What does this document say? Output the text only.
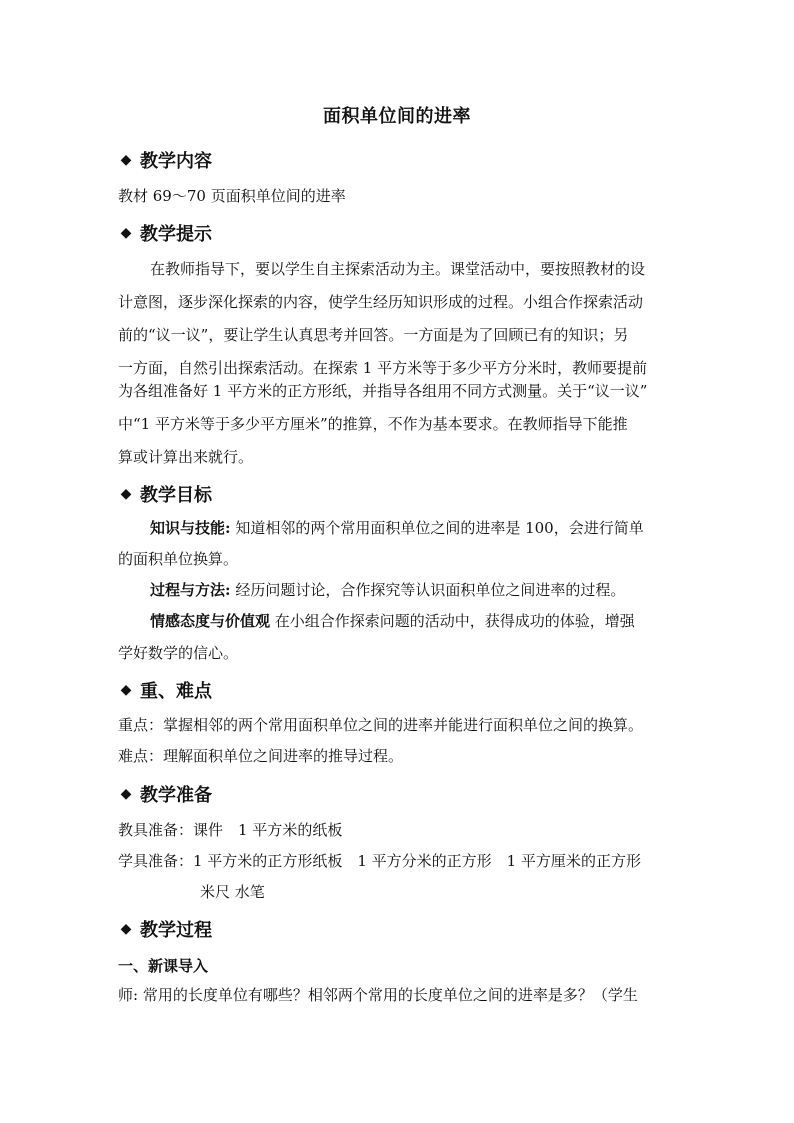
面积单位间的进率
◆ 教学内容
教材 69～70 页面积单位间的进率
◆ 教学提示
在教师指导下，要以学生自主探索活动为主。课堂活动中，要按照教材的设
计意图，逐步深化探索的内容，使学生经历知识形成的过程。小组合作探索活动
前的“议一议”，要让学生认真思考并回答。一方面是为了回顾已有的知识；另
一方面，自然引出探索活动。在探索 1 平方米等于多少平方分米时，教师要提前
为各组准备好 1 平方米的正方形纸，并指导各组用不同方式测量。关于“议一议”
中“1 平方米等于多少平方厘米”的推算，不作为基本要求。在教师指导下能推
算或计算出来就行。
◆ 教学目标
知识与技能: 知道相邻的两个常用面积单位之间的进率是 100，会进行简单
的面积单位换算。
过程与方法: 经历问题讨论，合作探究等认识面积单位之间进率的过程。
情感态度与价值观 在小组合作探索问题的活动中，获得成功的体验，增强
学好数学的信心。
◆ 重、难点
重点：掌握相邻的两个常用面积单位之间的进率并能进行面积单位之间的换算。
难点：理解面积单位之间进率的推导过程。
◆ 教学准备
教具准备：课件　1 平方米的纸板
学具准备：1 平方米的正方形纸板　1 平方分米的正方形　1 平方厘米的正方形
米尺 水笔
◆ 教学过程
一、新课导入
师: 常用的长度单位有哪些？相邻两个常用的长度单位之间的进率是多？（学生
